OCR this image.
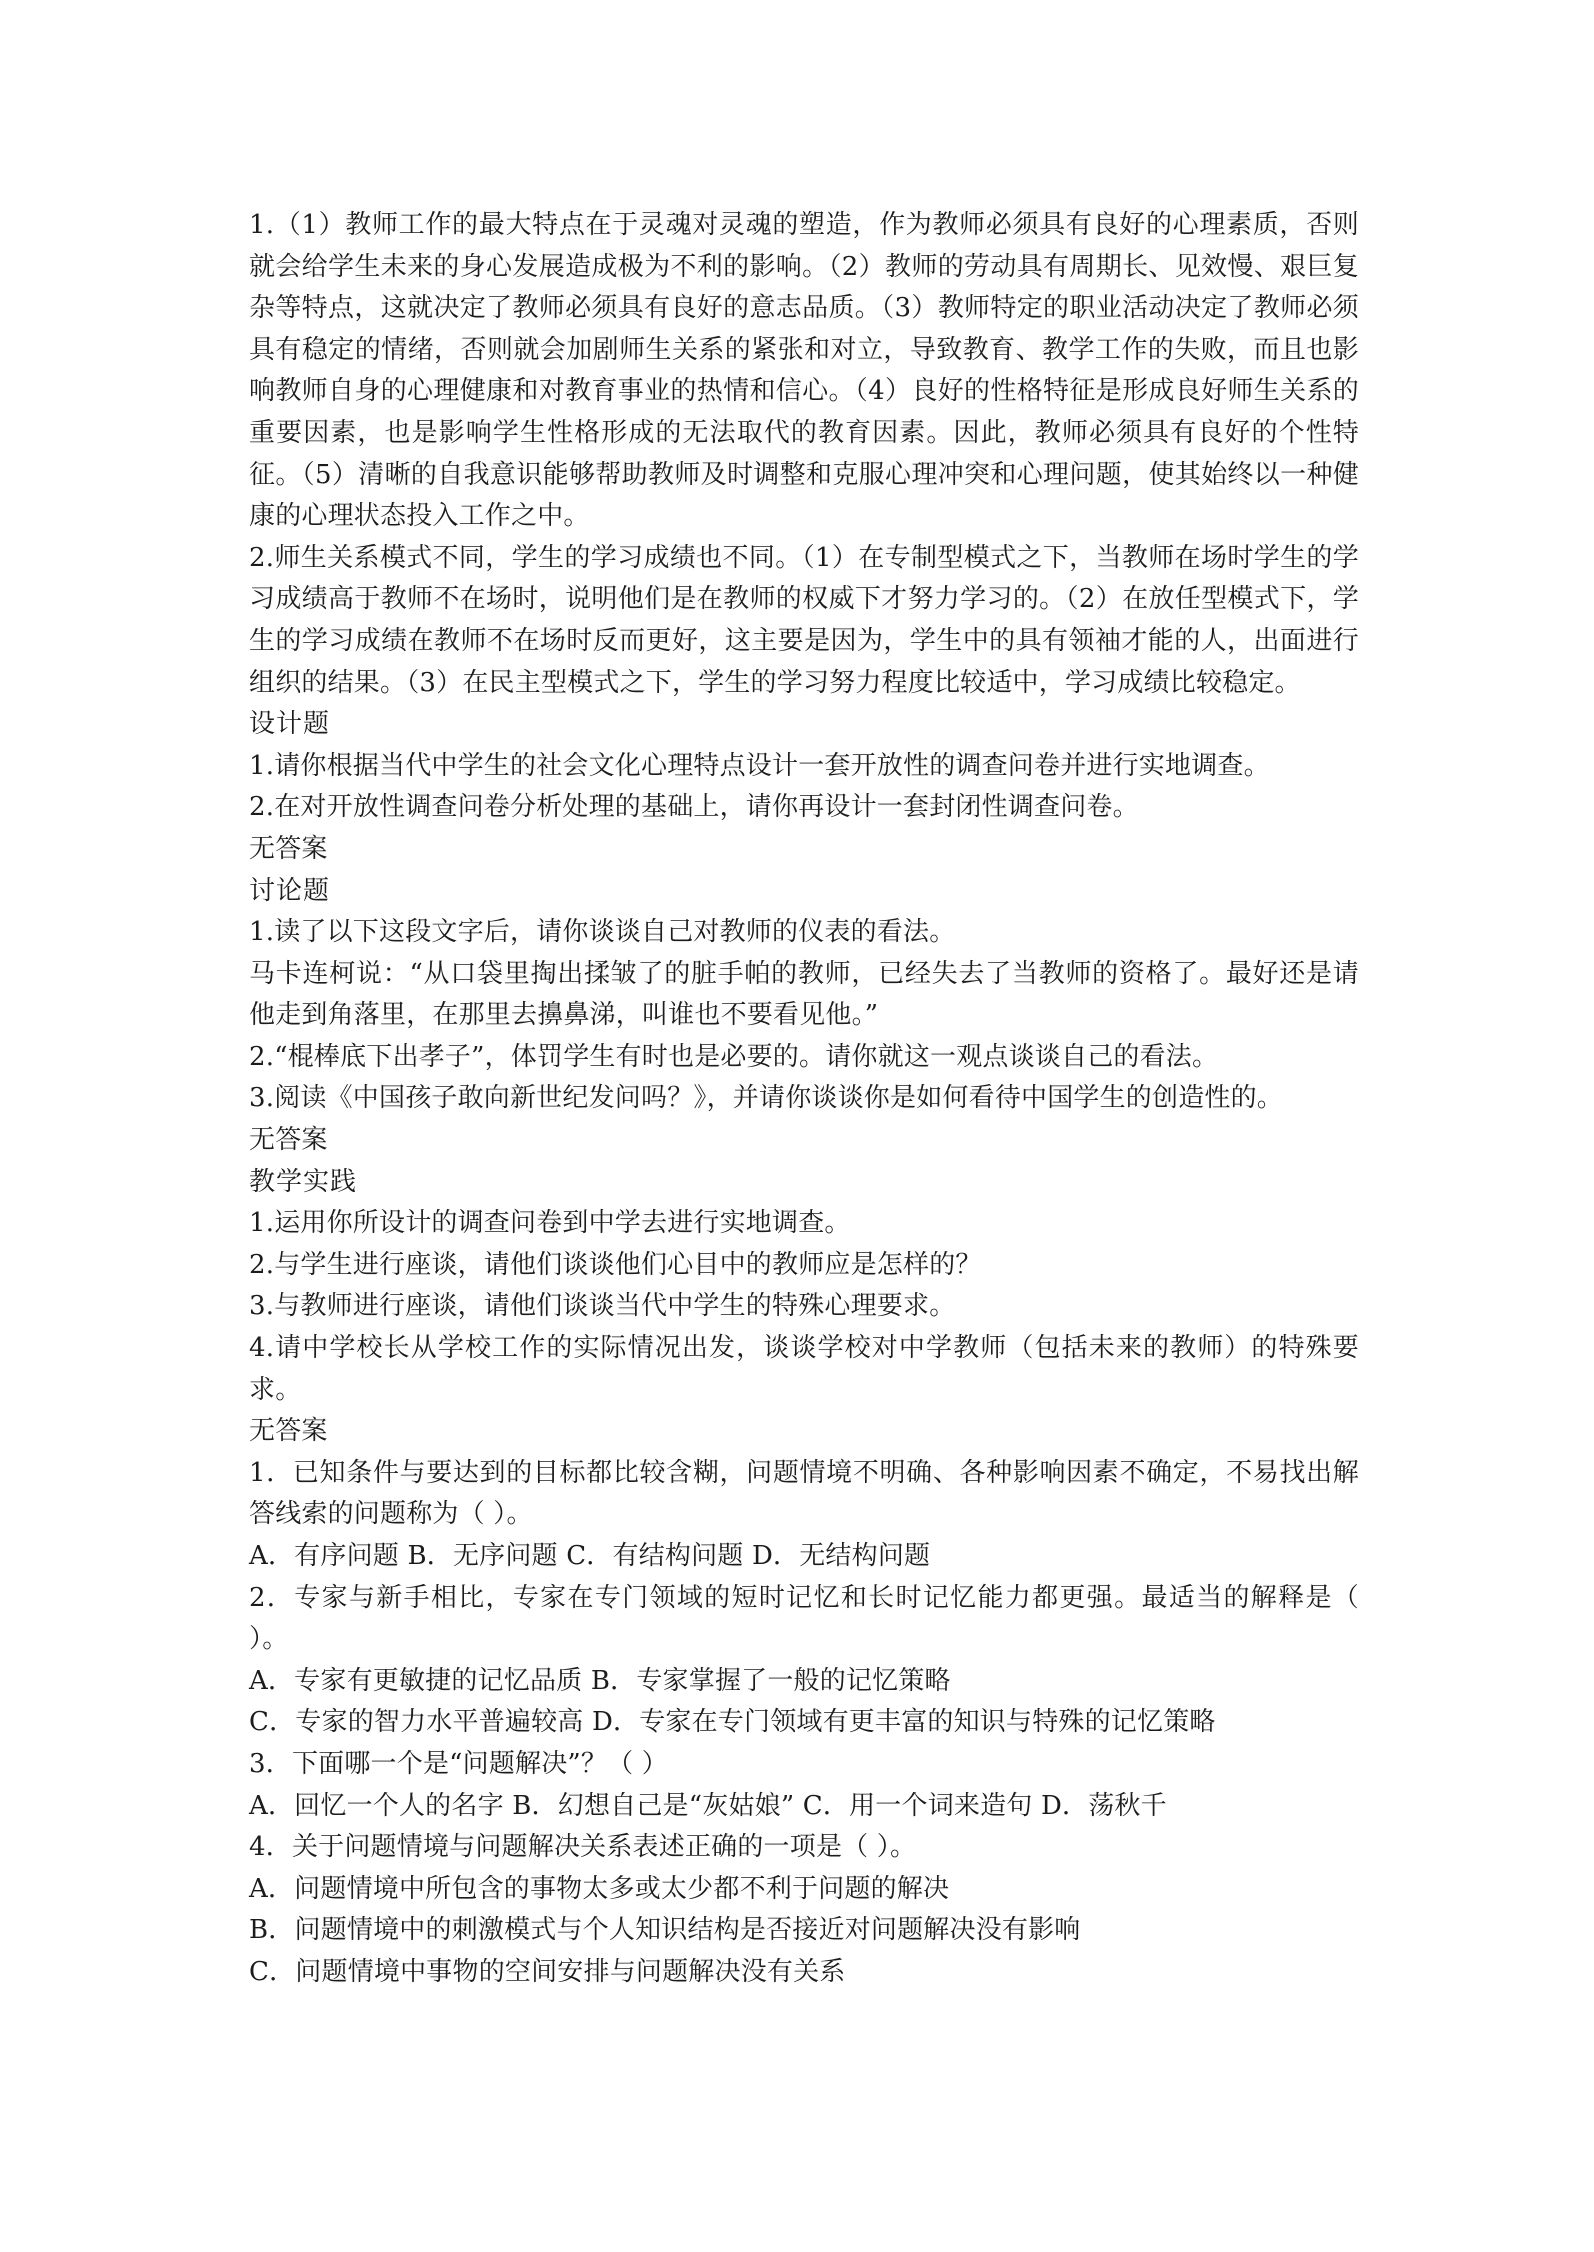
1.（1）教师工作的最大特点在于灵魂对灵魂的塑造，作为教师必须具有良好的心理素质，否则就会给学生未来的身心发展造成极为不利的影响。（2）教师的劳动具有周期长、见效慢、艰巨复杂等特点，这就决定了教师必须具有良好的意志品质。（3）教师特定的职业活动决定了教师必须具有稳定的情绪，否则就会加剧师生关系的紧张和对立，导致教育、教学工作的失败，而且也影响教师自身的心理健康和对教育事业的热情和信心。（4）良好的性格特征是形成良好师生关系的重要因素，也是影响学生性格形成的无法取代的教育因素。因此，教师必须具有良好的个性特征。（5）清晰的自我意识能够帮助教师及时调整和克服心理冲突和心理问题，使其始终以一种健康的心理状态投入工作之中。

2.师生关系模式不同，学生的学习成绩也不同。（1）在专制型模式之下，当教师在场时学生的学习成绩高于教师不在场时，说明他们是在教师的权威下才努力学习的。（2）在放任型模式下，学生的学习成绩在教师不在场时反而更好，这主要是因为，学生中的具有领袖才能的人，出面进行组织的结果。（3）在民主型模式之下，学生的学习努力程度比较适中，学习成绩比较稳定。

设计题

1.请你根据当代中学生的社会文化心理特点设计一套开放性的调查问卷并进行实地调查。

2.在对开放性调查问卷分析处理的基础上，请你再设计一套封闭性调查问卷。

无答案

讨论题

1.读了以下这段文字后，请你谈谈自己对教师的仪表的看法。

马卡连柯说：“从口袋里掏出揉皱了的脏手帕的教师，已经失去了当教师的资格了。最好还是请他走到角落里，在那里去擤鼻涕，叫谁也不要看见他。”

2.“棍棒底下出孝子”，体罚学生有时也是必要的。请你就这一观点谈谈自己的看法。

3.阅读《中国孩子敢向新世纪发问吗？》，并请你谈谈你是如何看待中国学生的创造性的。

无答案

教学实践

1.运用你所设计的调查问卷到中学去进行实地调查。

2.与学生进行座谈，请他们谈谈他们心目中的教师应是怎样的？

3.与教师进行座谈，请他们谈谈当代中学生的特殊心理要求。

4.请中学校长从学校工作的实际情况出发，谈谈学校对中学教师（包括未来的教师）的特殊要求。

无答案

1．已知条件与要达到的目标都比较含糊，问题情境不明确、各种影响因素不确定，不易找出解答线索的问题称为（ ）。

A．有序问题 B．无序问题 C．有结构问题 D．无结构问题

2．专家与新手相比，专家在专门领域的短时记忆和长时记忆能力都更强。最适当的解释是（ ）。

A．专家有更敏捷的记忆品质 B．专家掌握了一般的记忆策略

C．专家的智力水平普遍较高 D．专家在专门领域有更丰富的知识与特殊的记忆策略

3．下面哪一个是“问题解决”？（ ）

A．回忆一个人的名字 B．幻想自己是“灰姑娘” C．用一个词来造句 D．荡秋千

4．关于问题情境与问题解决关系表述正确的一项是（ ）。

A．问题情境中所包含的事物太多或太少都不利于问题的解决

B．问题情境中的刺激模式与个人知识结构是否接近对问题解决没有影响

C．问题情境中事物的空间安排与问题解决没有关系
